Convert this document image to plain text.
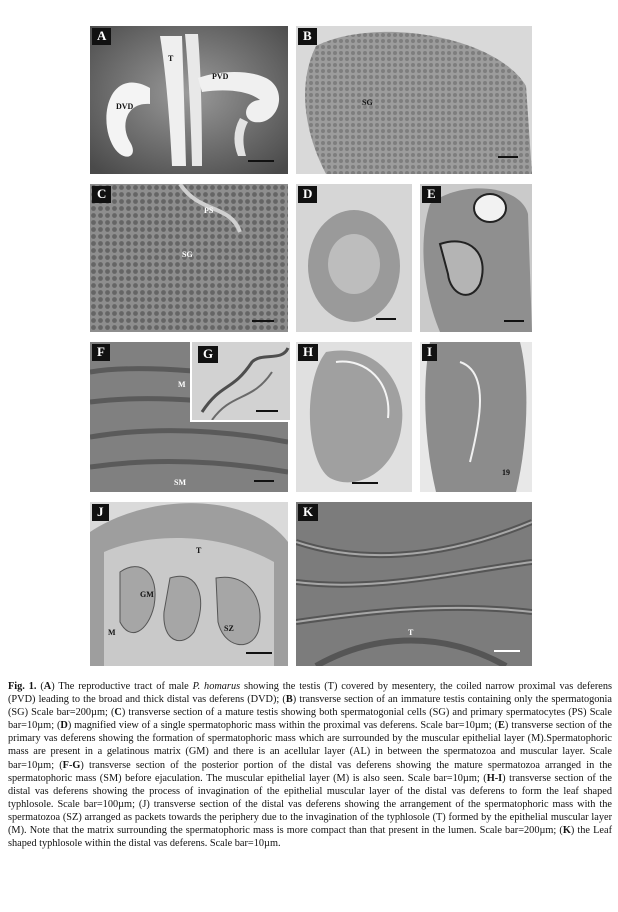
A
T
PVD
DVD
B
SG
C
PS
SG
D	E
F
M
SM
G	H	I
19
J
T
GM
SZ
M
K
T
Fig. 1. (A) The reproductive tract of male P. homarus showing the testis (T) covered by mesentery, the coiled narrow proximal vas deferens (PVD) leading to the broad and thick distal vas deferens (DVD); (B) transverse section of an immature testis containing only the spermatogonia (SG) Scale bar=200µm; (C) transverse section of a mature testis showing both spermatogonial cells (SG) and primary spermatocytes (PS) Scale bar=10µm; (D) magnified view of a single spermatophoric mass within the proximal vas deferens. Scale bar=10µm; (E) transverse section of the primary vas deferens showing the formation of spermatophoric mass which are surrounded by the muscular epithelial layer (M).Spermatophoric mass are present in a gelatinous matrix (GM) and there is an acellular layer (AL) in between the spermatozoa and muscular layer. Scale bar=10µm; (F-G) transverse section of the posterior portion of the distal vas deferens showing the mature spermatozoa arranged in the spermatophoric mass (SM) before ejaculation. The muscular epithelial layer (M) is also seen. Scale bar=10µm; (H-I) transverse section of the distal vas deferens showing the process of invagination of the epithelial muscular layer of the distal vas deferens to form the leaf shaped typhlosole. Scale bar=100µm; (J) transverse section of the distal vas deferens showing the arrangement of the spermatophoric mass with the spermatozoa (SZ) arranged as packets towards the periphery due to the invagination of the typhlosole (T) formed by the epithelial muscular layer (M). Note that the matrix surrounding the spermatophoric mass is more compact than that present in the lumen. Scale bar=200µm; (K) the Leaf shaped typhlosole within the distal vas deferens. Scale bar=10µm.
